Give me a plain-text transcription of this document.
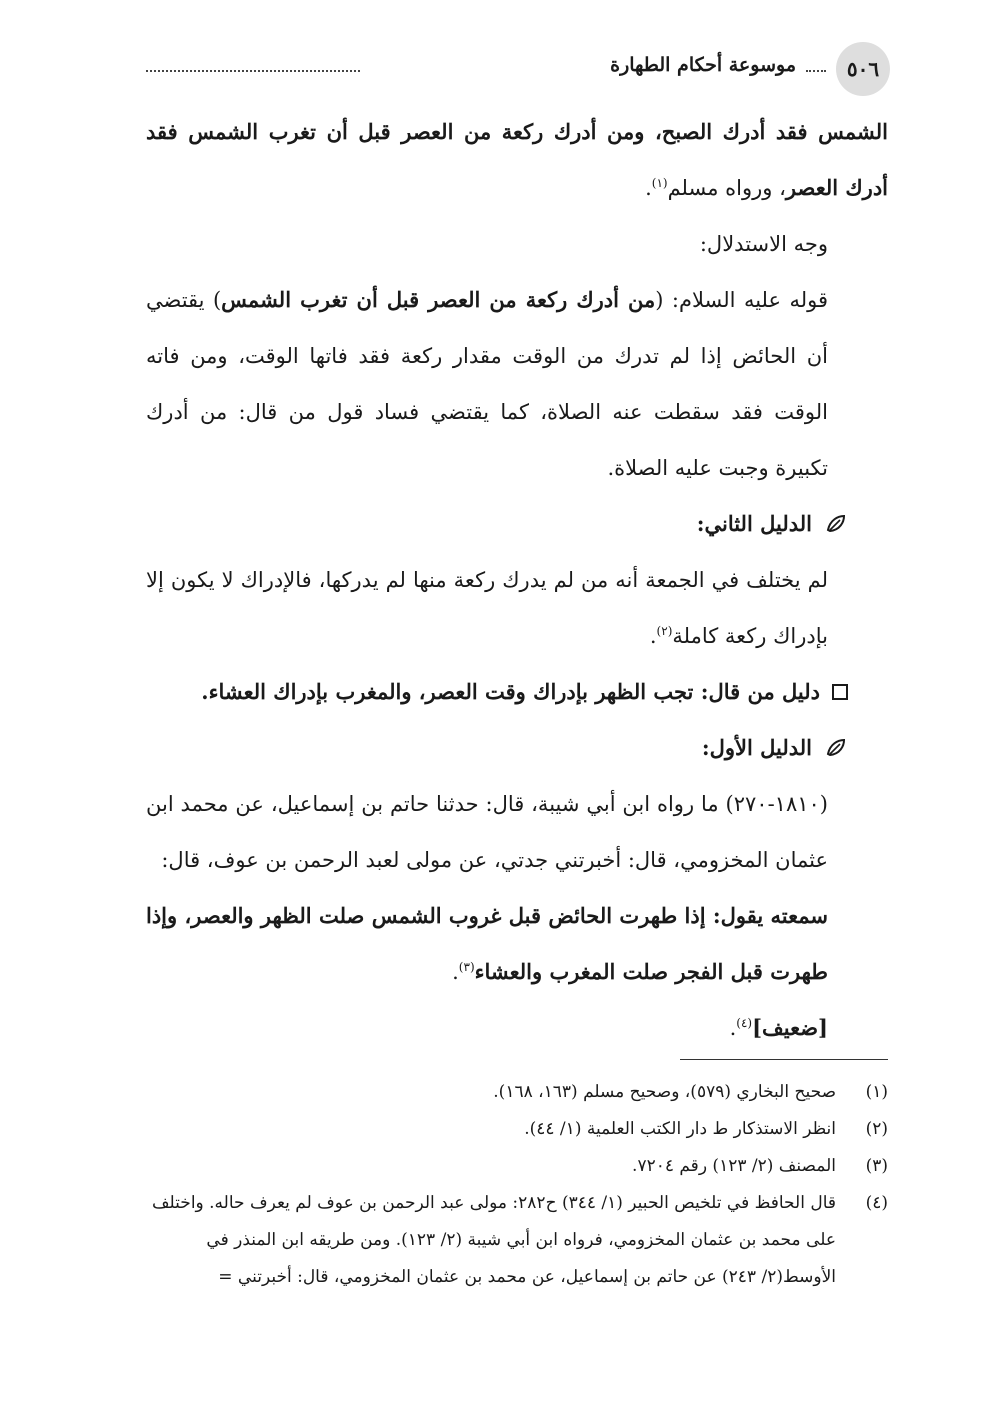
٥٠٦
موسوعة أحكام الطهارة

الشمس فقد أدرك الصبح، ومن أدرك ركعة من العصر قبل أن تغرب الشمس فقد أدرك العصر، ورواه مسلم$^{(١)}$.

وجه الاستدلال:

قوله عليه السلام: (من أدرك ركعة من العصر قبل أن تغرب الشمس) يقتضي أن الحائض إذا لم تدرك من الوقت مقدار ركعة فقد فاتها الوقت، ومن فاته الوقت فقد سقطت عنه الصلاة، كما يقتضي فساد قول من قال: من أدرك تكبيرة وجبت عليه الصلاة.

الدليل الثاني:

لم يختلف في الجمعة أنه من لم يدرك ركعة منها لم يدركها، فالإدراك لا يكون إلا بإدراك ركعة كاملة$^{(٢)}$.

دليل من قال: تجب الظهر بإدراك وقت العصر، والمغرب بإدراك العشاء.
الدليل الأول:

(١٨١٠-٢٧٠) ما رواه ابن أبي شيبة، قال: حدثنا حاتم بن إسماعيل، عن محمد ابن عثمان المخزومي، قال: أخبرتني جدتي، عن مولى لعبد الرحمن بن عوف، قال:

سمعته يقول: إذا طهرت الحائض قبل غروب الشمس صلت الظهر والعصر، وإذا طهرت قبل الفجر صلت المغرب والعشاء$^{(٣)}$.

[ضعيف]$^{(٤)}$.

(١)
صحيح البخاري (٥٧٩)، وصحيح مسلم (١٦٣، ١٦٨).
(٢)
انظر الاستذكار ط دار الكتب العلمية (١/ ٤٤).
(٣)
المصنف (٢/ ١٢٣) رقم ٧٢٠٤.
(٤)
قال الحافظ في تلخيص الحبير (١/ ٣٤٤) ح٢٨٢: مولى عبد الرحمن بن عوف لم يعرف حاله. واختلف على محمد بن عثمان المخزومي، فرواه ابن أبي شيبة (٢/ ١٢٣). ومن طريقه ابن المنذر في الأوسط(٢/ ٢٤٣) عن حاتم بن إسماعيل، عن محمد بن عثمان المخزومي، قال: أخبرتني =
